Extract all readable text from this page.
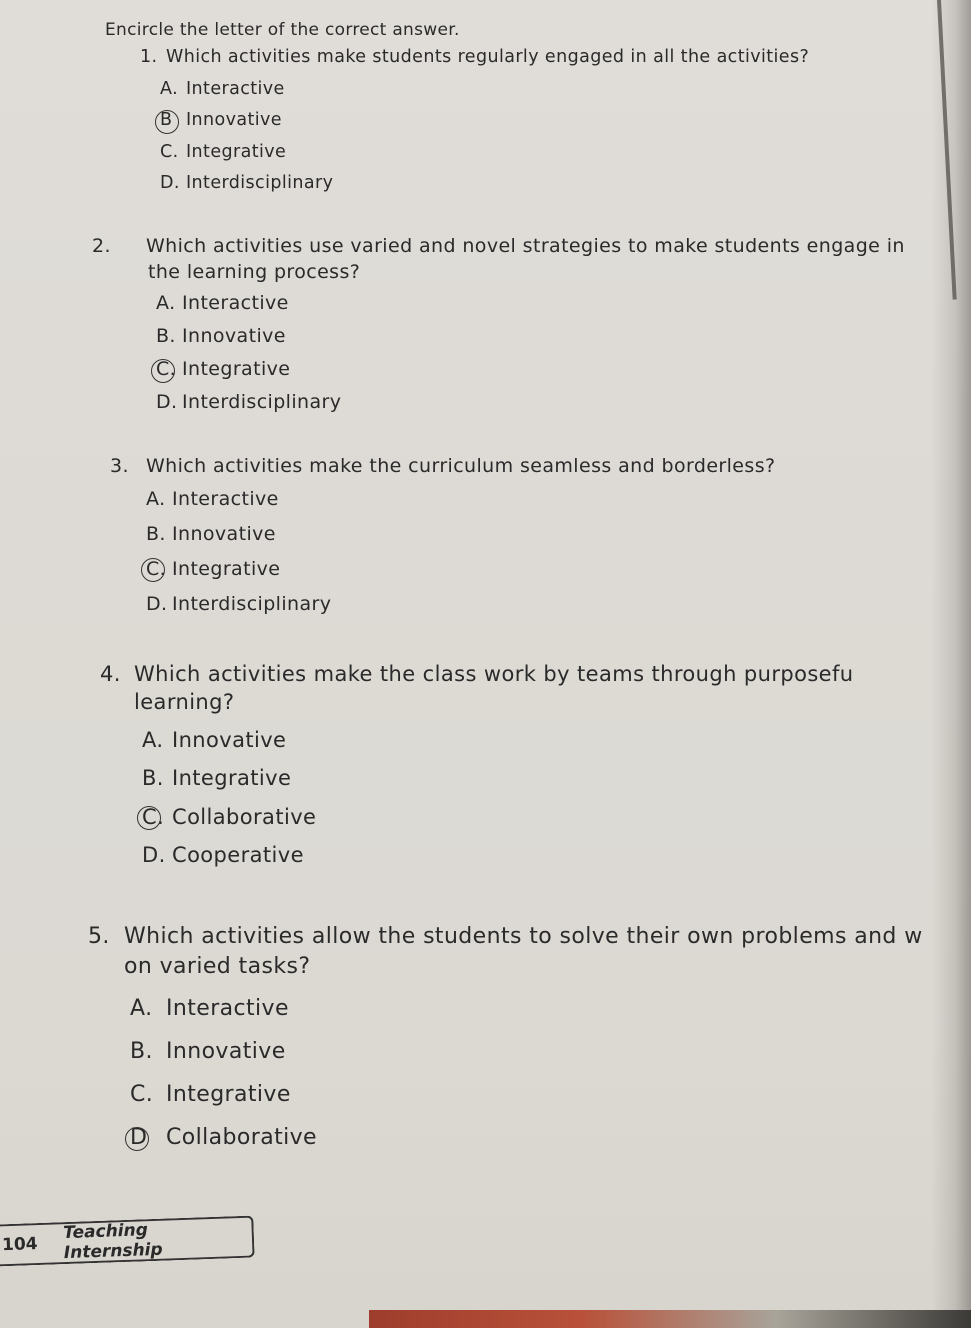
Encircle the letter of the correct answer.
1. Which activities make students regularly engaged in all the activities?
A. Interactive
B Innovative
C. Integrative
D. Interdisciplinary
2. Which activities use varied and novel strategies to make students engage in the learning process?
A. Interactive
B. Innovative
C. Integrative
D. Interdisciplinary
3. Which activities make the curriculum seamless and borderless?
A. Interactive
B. Innovative
C. Integrative
D. Interdisciplinary
4. Which activities make the class work by teams through purposefu
learning?
A. Innovative
B. Integrative
C. Collaborative
D. Cooperative
5. Which activities allow the students to solve their own problems and w
on varied tasks?
A. Interactive
B. Innovative
C. Integrative
D Collaborative
104
Teaching Internship
